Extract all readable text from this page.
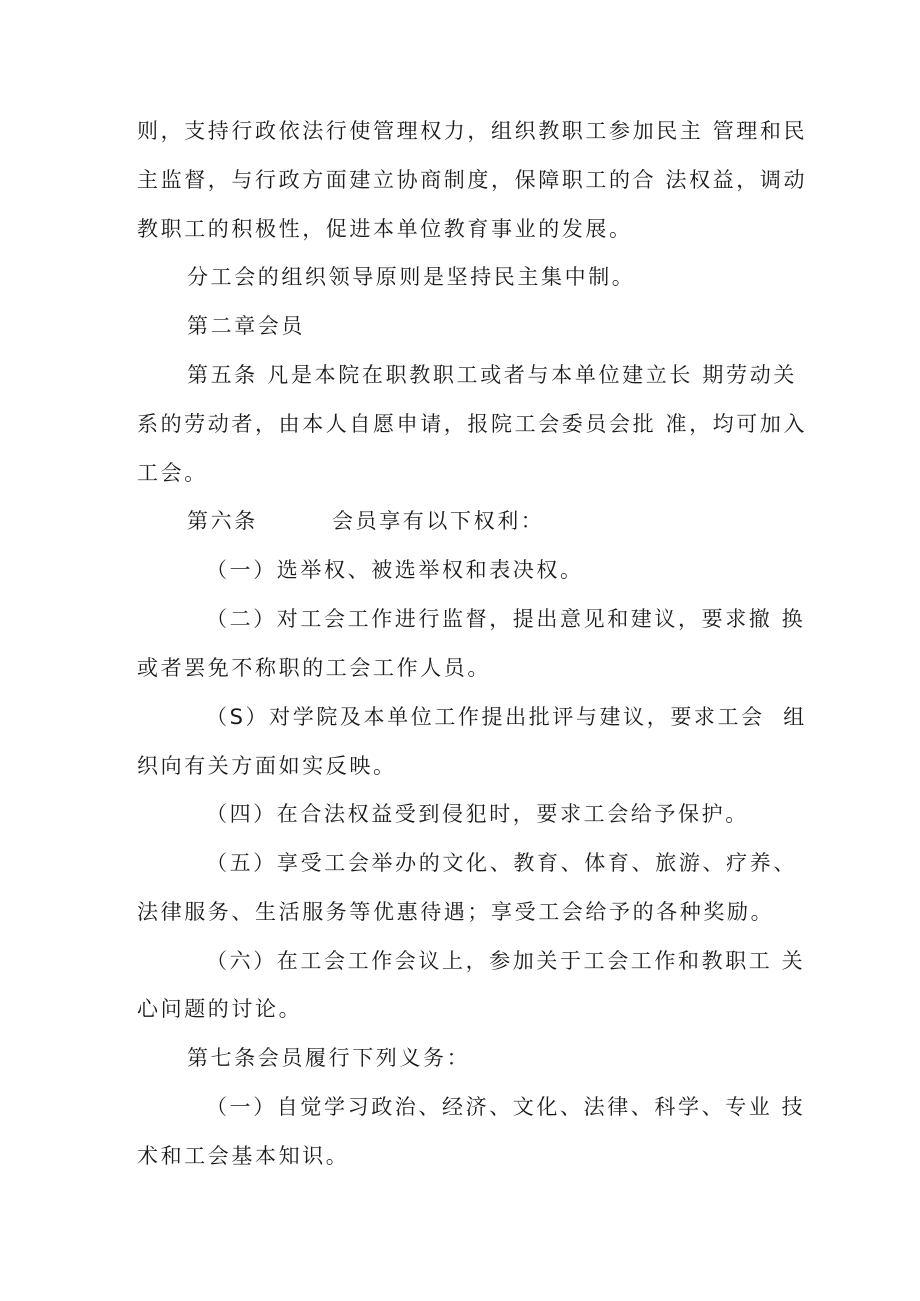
则，支持行政依法行使管理权力，组织教职工参加民主 管理和民
主监督，与行政方面建立协商制度，保障职工的合 法权益，调动
教职工的积极性，促进本单位教育事业的发展。
分工会的组织领导原则是坚持民主集中制。
第二章会员
第五条 凡是本院在职教职工或者与本单位建立长 期劳动关
系的劳动者，由本人自愿申请，报院工会委员会批 准，均可加入
工会。
第六条        会员享有以下权利：
（一）选举权、被选举权和表决权。
（二）对工会工作进行监督，提出意见和建议，要求撤 换
或者罢免不称职的工会工作人员。
（S）对学院及本单位工作提出批评与建议，要求工会  组
织向有关方面如实反映。
（四）在合法权益受到侵犯时，要求工会给予保护。
（五）享受工会举办的文化、教育、体育、旅游、疗养、
法律服务、生活服务等优惠待遇；享受工会给予的各种奖励。
（六）在工会工作会议上，参加关于工会工作和教职工 关
心问题的讨论。
第七条会员履行下列义务：
（一）自觉学习政治、经济、文化、法律、科学、专业 技
术和工会基本知识。
